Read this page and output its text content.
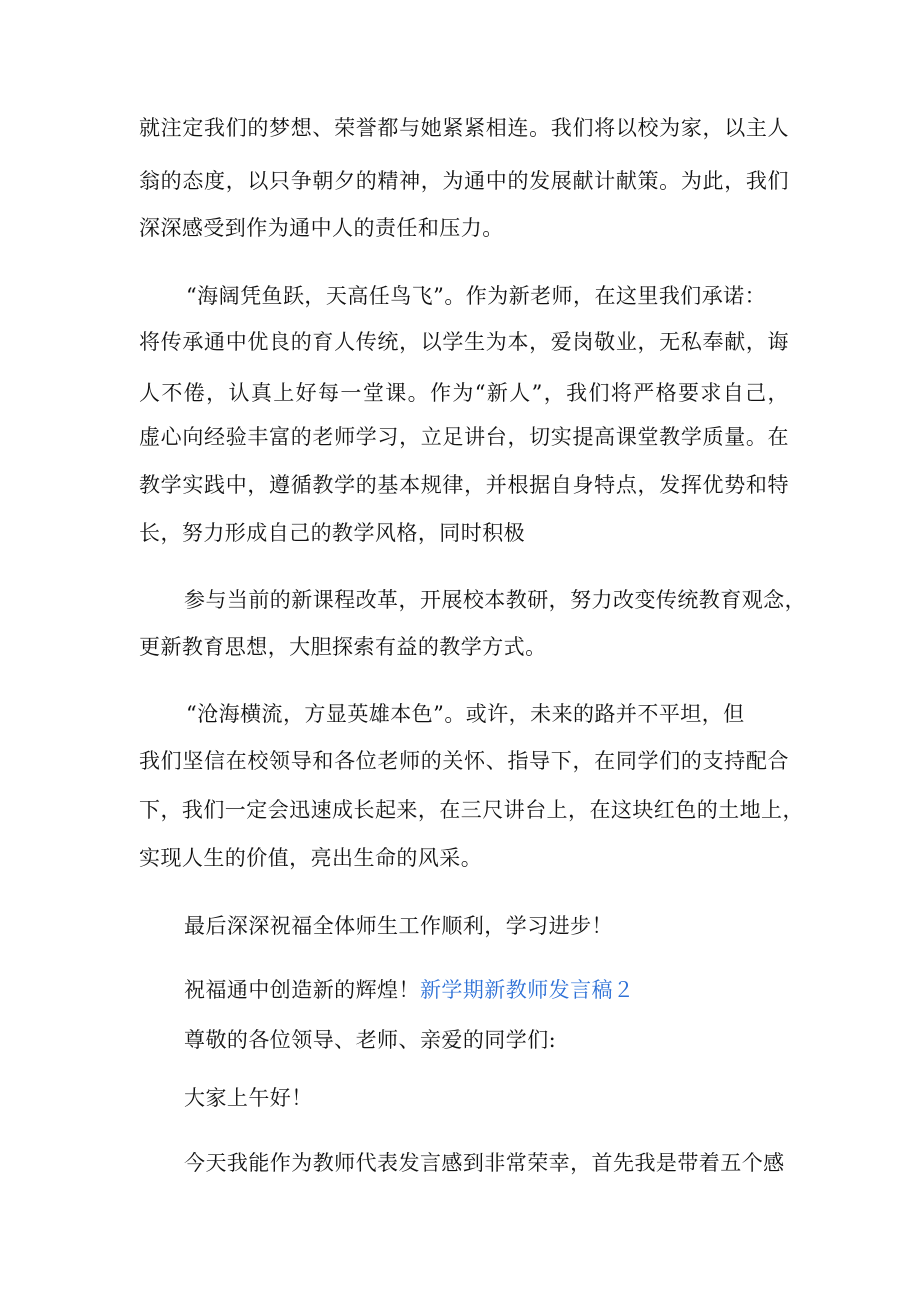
就注定我们的梦想、荣誉都与她紧紧相连。我们将以校为家，以主人
翁的态度，以只争朝夕的精神，为通中的发展献计献策。为此，我们
深深感受到作为通中人的责任和压力。
“海阔凭鱼跃，天高任鸟飞”。作为新老师，在这里我们承诺：
将传承通中优良的育人传统，以学生为本，爱岗敬业，无私奉献，诲
人不倦，认真上好每一堂课。作为“新人”，我们将严格要求自己，
虚心向经验丰富的老师学习，立足讲台，切实提高课堂教学质量。在
教学实践中，遵循教学的基本规律，并根据自身特点，发挥优势和特
长，努力形成自己的教学风格，同时积极
参与当前的新课程改革，开展校本教研，努力改变传统教育观念，
更新教育思想，大胆探索有益的教学方式。
“沧海横流，方显英雄本色”。或许，未来的路并不平坦，但
我们坚信在校领导和各位老师的关怀、指导下，在同学们的支持配合
下，我们一定会迅速成长起来，在三尺讲台上，在这块红色的土地上，
实现人生的价值，亮出生命的风采。
最后深深祝福全体师生工作顺利，学习进步！
祝福通中创造新的辉煌！新学期新教师发言稿２
尊敬的各位领导、老师、亲爱的同学们:
大家上午好！
今天我能作为教师代表发言感到非常荣幸，首先我是带着五个感
